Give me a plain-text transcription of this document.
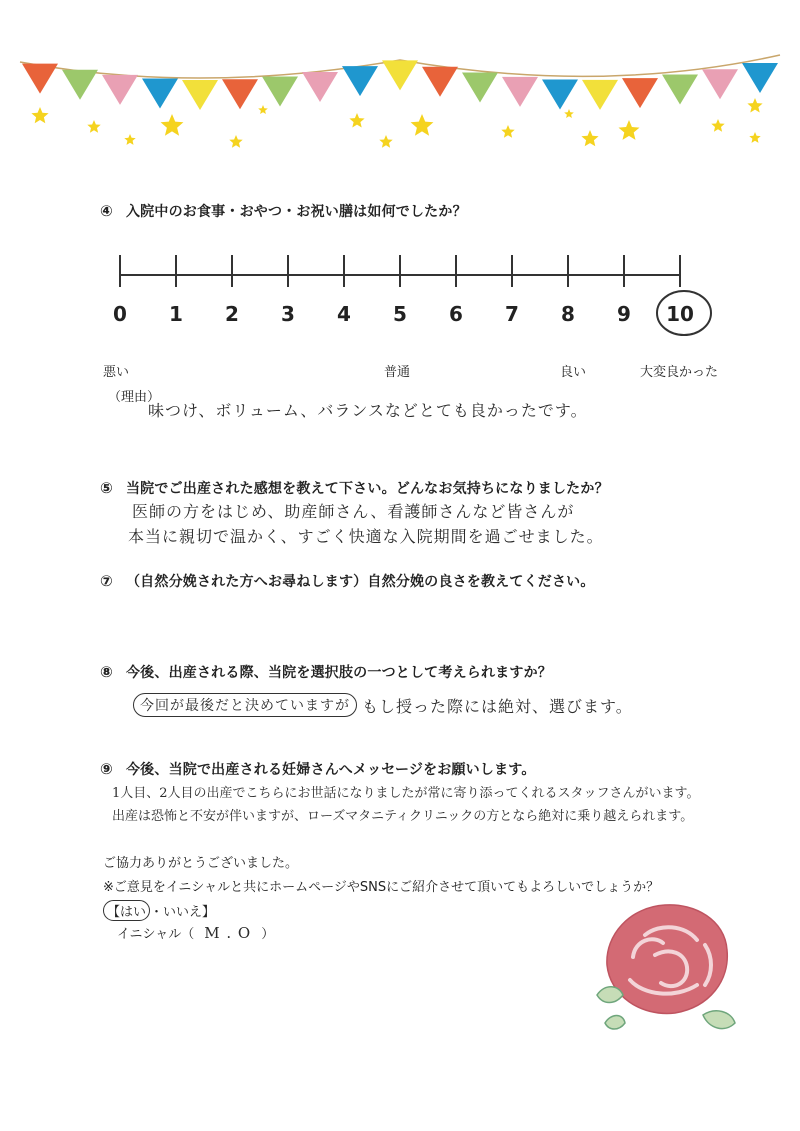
④ 入院中のお食事・おやつ・お祝い膳は如何でしたか？
0	1	2	3	4	5	6	7	8	9	10
悪い	普通	良い	大変良かった
（理由）
味つけ、ボリューム、バランスなどとても良かったです。
⑤ 当院でご出産された感想を教えて下さい。どんなお気持ちになりましたか？
医師の方をはじめ、助産師さん、看護師さんなど皆さんが
本当に親切で温かく、すごく快適な入院期間を過ごせました。
⑦ （自然分娩された方へお尋ねします）自然分娩の良さを教えてください。
⑧ 今後、出産される際、当院を選択肢の一つとして考えられますか？
今回が最後だと決めていますが もし授った際には絶対、選びます。
⑨ 今後、当院で出産される妊婦さんへメッセージをお願いします。
1人目、2人目の出産でこちらにお世話になりましたが常に寄り添ってくれるスタッフさんがいます。
出産は恐怖と不安が伴いますが、ローズマタニティクリニックの方となら絶対に乗り越えられます。
ご協力ありがとうございました。
※ご意見をイニシャルと共にホームページやSNSにご紹介させて頂いてもよろしいでしょうか？
【はい ・いいえ】
イニシャル（ M . O ）
